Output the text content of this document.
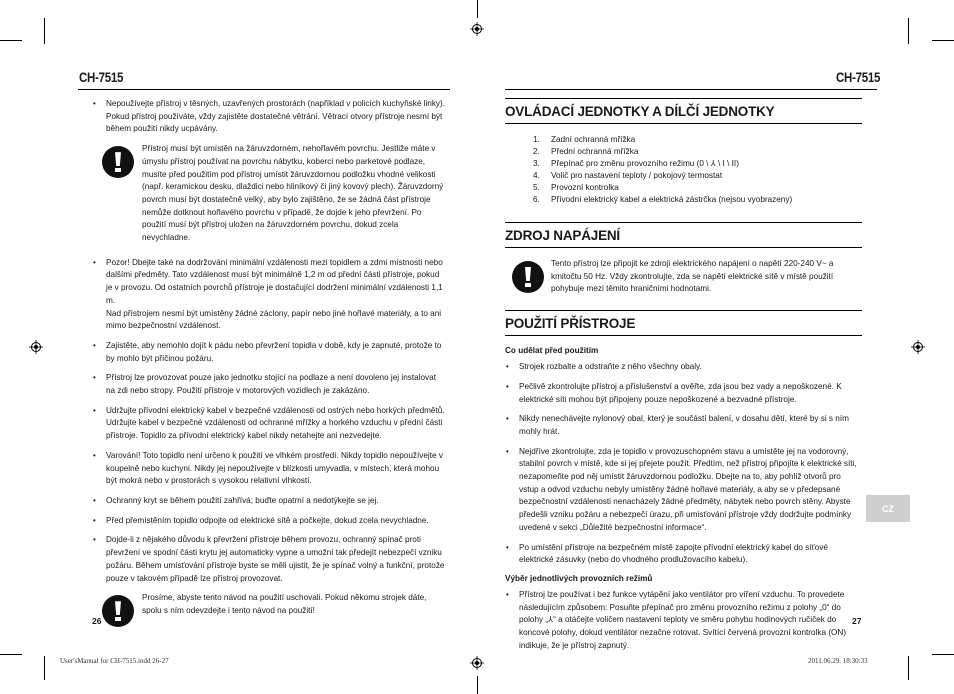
CH-7515	CH-7515
• Nepoužívejte přístroj v těsných, uzavřených prostorách (například v policích kuchyňské linky). Pokud přístroj používáte, vždy zajistěte dostatečné větrání. Větrací otvory přístroje nesmí být během použití nikdy ucpávány.
Přístroj musí být umístěn na žáruvzdorném, nehořlavém povrchu. Jestliže máte v úmyslu přístroj používat na povrchu nábytku, koberci nebo parketové podlaze, musíte před použitím pod přístroj umístit žáruvzdornou podložku vhodné velikosti (např. keramickou desku, dlaždici nebo hliníkový či jiný kovový plech). Žáruvzdorný povrch musí být dostatečně velký, aby bylo zajištěno, že se žádná část přístroje nemůže dotknout hořlavého povrchu v případě, že dojde k jeho převržení. Po použití musí být přístroj uložen na žáruvzdorném povrchu, dokud zcela nevychladne.
• Pozor! Dbejte také na dodržování minimální vzdálenosti mezi topidlem a zdmi místnosti nebo dalšími předměty. Tato vzdálenost musí být minimálně 1,2 m od přední části přístroje, pokud je v provozu. Od ostatních povrchů přístroje je dostačující dodržení minimální vzdálenosti 1,1 m.
Nad přístrojem nesmí být umístěny žádné záclony, papír nebo jiné hořlavé materiály, a to ani mimo bezpečnostní vzdálenost.
• Zajistěte, aby nemohlo dojít k pádu nebo převržení topidla v době, kdy je zapnuté, protože to by mohlo být příčinou požáru.
• Přístroj lze provozovat pouze jako jednotku stojící na podlaze a není dovoleno jej instalovat na zdi nebo stropy. Použití přístroje v motorových vozidlech je zakázáno.
• Udržujte přívodní elektrický kabel v bezpečné vzdálenosti od ostrých nebo horkých předmětů. Udržujte kabel v bezpečné vzdálenosti od ochranné mřížky a horkého vzduchu v přední části přístroje. Topidlo za přívodní elektrický kabel nikdy netahejte ani nezvedejte.
• Varování! Toto topidlo není určeno k použití ve vlhkém prostředí. Nikdy topidlo nepoužívejte v koupelně nebo kuchyni. Nikdy jej nepoužívejte v blízkosti umyvadla, v místech, která mohou být mokrá nebo v prostorách s vysokou relativní vlhkostí.
• Ochranný kryt se během použití zahřívá; buďte opatrní a nedotýkejte se jej.
• Před přemístěním topidlo odpojte od elektrické sítě a počkejte, dokud zcela nevychladne.
• Dojde-li z nějakého důvodu k převržení přístroje během provozu, ochranný spínač proti převržení ve spodní části krytu jej automaticky vypne a umožní tak předejít nebezpečí vzniku požáru. Během umísťování přístroje byste se měli ujistit, že je spínač volný a funkční, protože pouze v takovém případě lze přístroj provozovat.
Prosíme, abyste tento návod na použití uschovali. Pokud někomu strojek dáte, spolu s ním odevzdejte i tento návod na použití!
26
OVLÁDACÍ JEDNOTKY A DÍLČÍ JEDNOTKY
1.	Zadní ochranná mřížka
2.	Přední ochranná mřížka
3.	Přepínač pro změnu provozního režimu (0 \ ⅄ \ I \ II)
4.	Volič pro nastavení teploty / pokojový termostat
5.	Provozní kontrolka
6.	Přívodní elektrický kabel a elektrická zástrčka (nejsou vyobrazeny)
ZDROJ NAPÁJENÍ
Tento přístroj lze připojit ke zdroji elektrického napájení o napětí 220-240 V~ a kmitočtu 50 Hz. Vždy zkontrolujte, zda se napětí elektrické sítě v místě použití pohybuje mezi těmito hraničními hodnotami.
POUŽITÍ PŘÍSTROJE
Co udělat před použitím
• Strojek rozbalte a odstraňte z něho všechny obaly.
• Pečlivě zkontrolujte přístroj a příslušenství a ověřte, zda jsou bez vady a nepoškozené. K elektrické síti mohou být připojeny pouze nepoškozené a bezvadné přístroje.
• Nikdy nenechávejte nylonový obal, který je součástí balení, v dosahu dětí, které by si s ním mohly hrát.
• Nejdříve zkontrolujte, zda je topidlo v provozuschopném stavu a umístěte jej na vodorovný, stabilní povrch v místě, kde si jej přejete použít. Předtím, než přístroj připojíte k elektrické síti, nezapomeňte pod něj umístit žáruvzdornou podložku. Dbejte na to, aby pohlíž otvorů pro vstup a odvod vzduchu nebyly umístěny žádné hořlavé materiály, a aby se v předepsané bezpečnostní vzdálenosti nenacházely žádné předměty, nábytek nebo povrch stěny. Abyste předešli vzniku požáru a nebezpečí úrazu, při umisťování přístroje vždy dodržujte podmínky uvedené v sekci „Důležité bezpečnostní informace“.
• Po umístění přístroje na bezpečném místě zapojte přívodní elektrický kabel do síťové elektrické zásuvky (nebo do vhodného prodlužovacího kabelu).
Výběr jednotlivých provozních režimů
• Přístroj lze používat i bez funkce vytápění jako ventilátor pro víření vzduchu. To provedete následujícím způsobem: Posuňte přepínač pro změnu provozního režimu z polohy „0“ do polohy „⅄“ a otáčejte voličem nastavení teploty ve směru pohybu hodinových ručiček do koncové polohy, dokud ventilátor nezačne rotovat. Svítící červená provozní kontrolka (ON) indikuje, že je přístroj zapnutý.
27
CZ
User'sManual for CH-7515.indd 26-27	2011.06.29. 18:30:33
